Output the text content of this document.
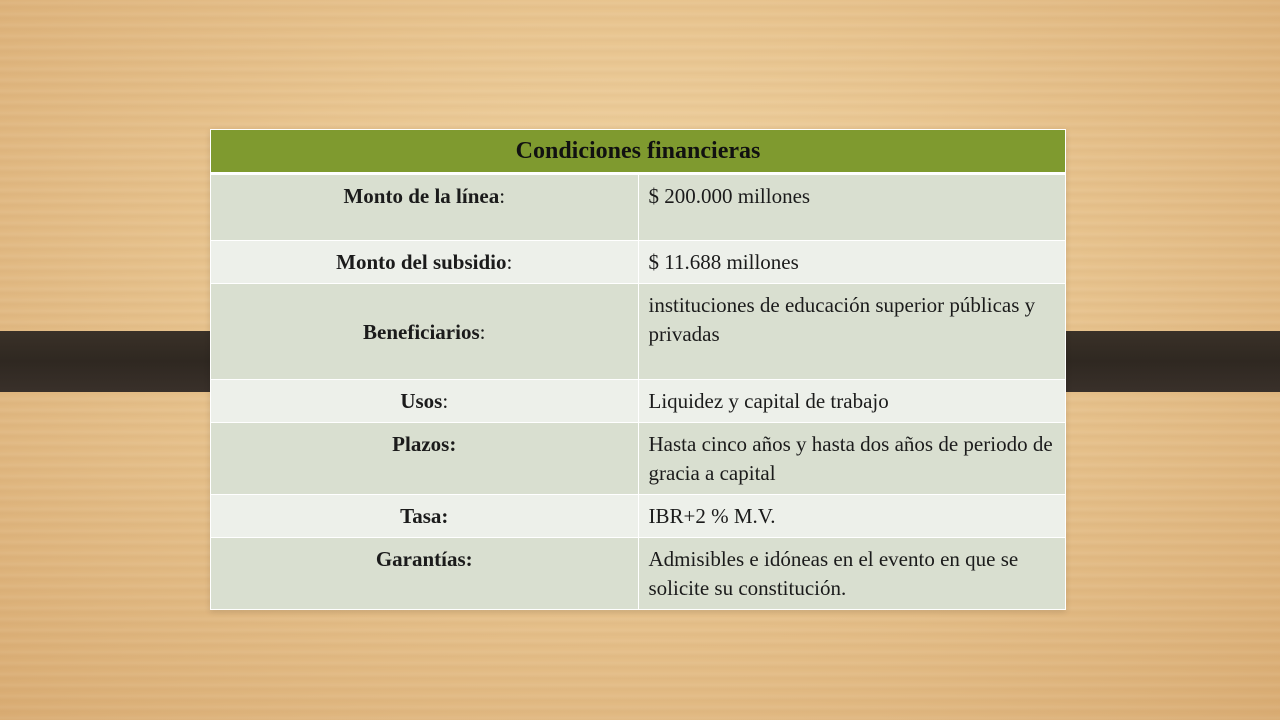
Condiciones financieras	
Monto de la línea:	$ 200.000 millones
Monto del subsidio:	$ 11.688 millones
Beneficiarios:	instituciones de educación superior públicas y privadas
Usos:	Liquidez y capital de trabajo
Plazos:	Hasta cinco años y hasta dos años de periodo de gracia a capital
Tasa:	IBR+2 % M.V.
Garantías:	Admisibles e idóneas en el evento en que se solicite su constitución.
